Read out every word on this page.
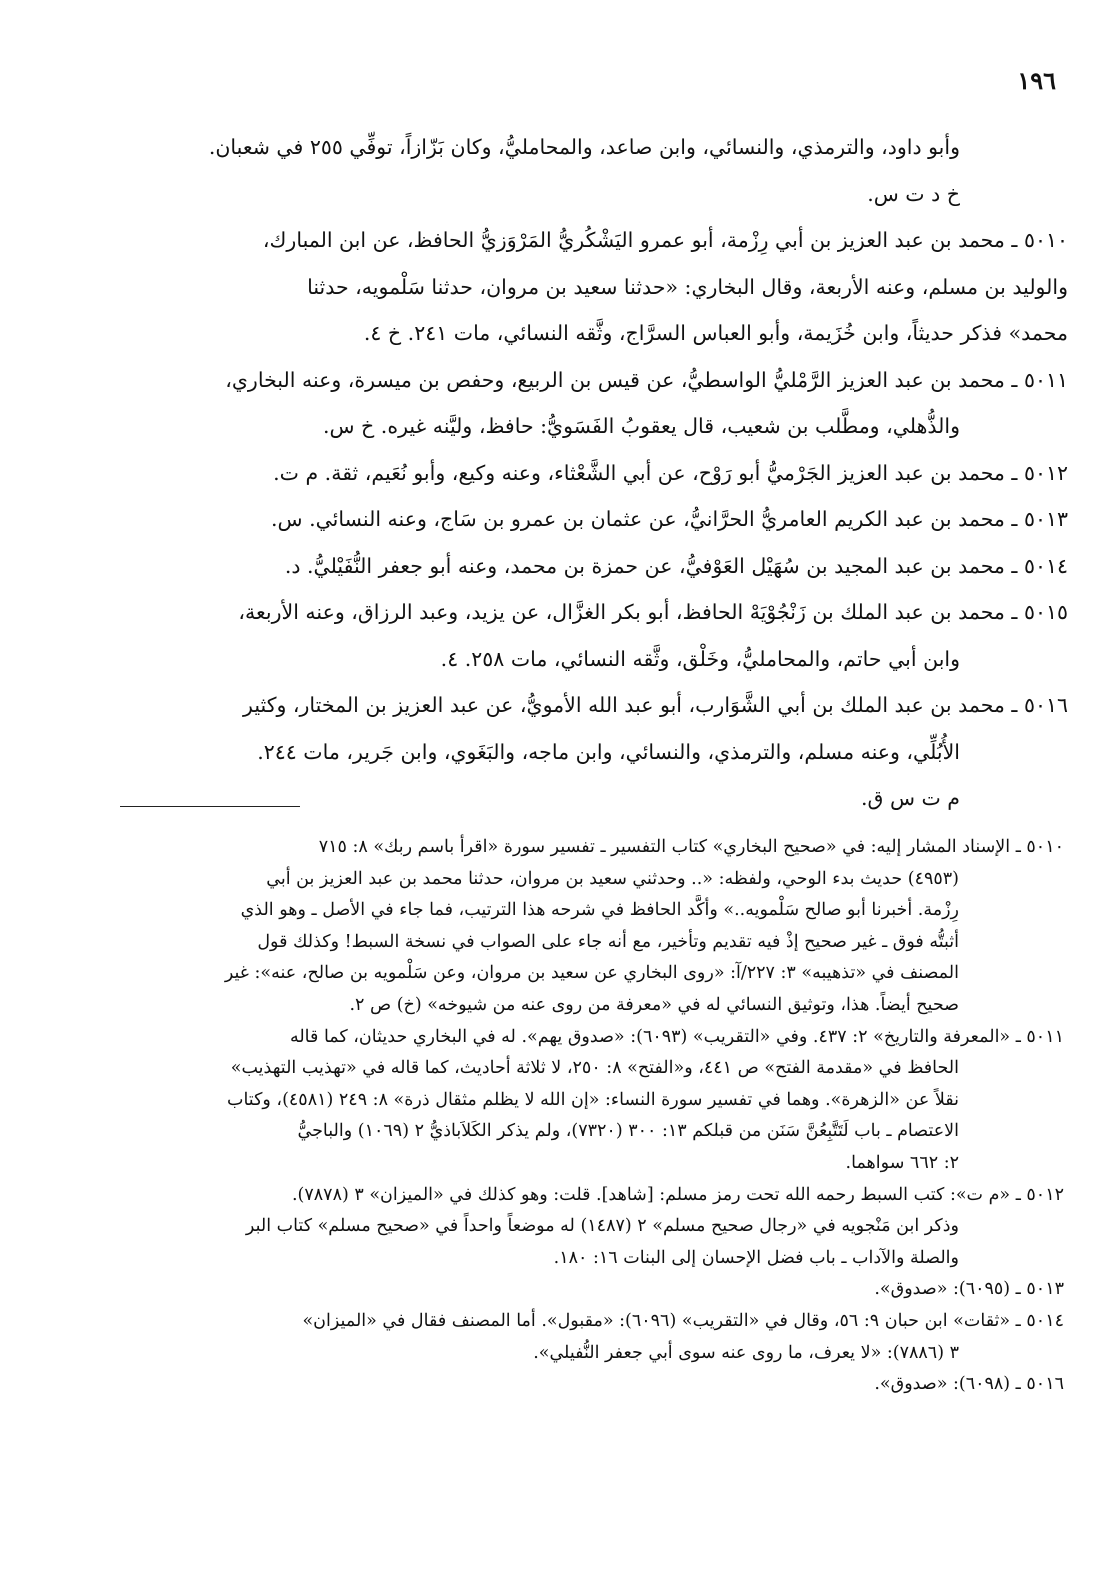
١٩٦
وأبو داود، والترمذي، والنسائي، وابن صاعد، والمحامليُّ، وكان بَزّازاً، توفِّي ٢٥٥ في شعبان.
خ د ت س.
٥٠١٠ ـ محمد بن عبد العزيز بن أبي رِزْمة، أبو عمرو اليَشْكُريُّ المَرْوَزيُّ الحافظ، عن ابن المبارك،
والوليد بن مسلم، وعنه الأربعة، وقال البخاري: «حدثنا سعيد بن مروان، حدثنا سَلْمويه، حدثنا
محمد» فذكر حديثاً، وابن خُزَيمة، وأبو العباس السرَّاج، وثَّقه النسائي، مات ٢٤١. خ ٤.
٥٠١١ ـ محمد بن عبد العزيز الرَّمْليُّ الواسطيُّ، عن قيس بن الربيع، وحفص بن ميسرة، وعنه البخاري،
والذُّهلي، ومطَّلب بن شعيب، قال يعقوبُ الفَسَويُّ: حافظ، وليَّنه غيره. خ س.
٥٠١٢ ـ محمد بن عبد العزيز الجَرْميُّ أبو رَوْح، عن أبي الشَّعْثاء، وعنه وكيع، وأبو نُعَيم، ثقة. م ت.
٥٠١٣ ـ محمد بن عبد الكريم العامريُّ الحرَّانيُّ، عن عثمان بن عمرو بن سَاج، وعنه النسائي. س.
٥٠١٤ ـ محمد بن عبد المجيد بن سُهَيْل العَوْفيُّ، عن حمزة بن محمد، وعنه أبو جعفر النُّفَيْليُّ. د.
٥٠١٥ ـ محمد بن عبد الملك بن زَنْجُوْيَهْ الحافظ، أبو بكر الغزَّال، عن يزيد، وعبد الرزاق، وعنه الأربعة،
وابن أبي حاتم، والمحامليُّ، وخَلْق، وثَّقه النسائي، مات ٢٥٨. ٤.
٥٠١٦ ـ محمد بن عبد الملك بن أبي الشَّوَارب، أبو عبد الله الأمويُّ، عن عبد العزيز بن المختار، وكثير
الأُبُلِّي، وعنه مسلم، والترمذي، والنسائي، وابن ماجه، والبَغَوي، وابن جَرير، مات ٢٤٤.
م ت س ق.
٥٠١٠ ـ الإسناد المشار إليه: في «صحيح البخاري» كتاب التفسير ـ تفسير سورة «اقرأ باسم ربك» ٨: ٧١٥
(٤٩٥٣) حديث بدء الوحي، ولفظه: «.. وحدثني سعيد بن مروان، حدثنا محمد بن عبد العزيز بن أبي
رِزْمة. أخبرنا أبو صالح سَلْمويه..» وأكَّد الحافظ في شرحه هذا الترتيب، فما جاء في الأصل ـ وهو الذي
أثبتُّه فوق ـ غير صحيح إذْ فيه تقديم وتأخير، مع أنه جاء على الصواب في نسخة السبط! وكذلك قول
المصنف في «تذهيبه» ٣: ٢٢٧/آ: «روى البخاري عن سعيد بن مروان، وعن سَلْمويه بن صالح، عنه»: غير
صحيح أيضاً. هذا، وتوثيق النسائي له في «معرفة من روى عنه من شيوخه» (خ) ص ٢.
٥٠١١ ـ «المعرفة والتاريخ» ٢: ٤٣٧. وفي «التقريب» (٦٠٩٣): «صدوق يهم». له في البخاري حديثان، كما قاله
الحافظ في «مقدمة الفتح» ص ٤٤١، و«الفتح» ٨: ٢٥٠، لا ثلاثة أحاديث، كما قاله في «تهذيب التهذيب»
نقلاً عن «الزهرة». وهما في تفسير سورة النساء: «إن الله لا يظلم مثقال ذرة» ٨: ٢٤٩ (٤٥٨١)، وكتاب
الاعتصام ـ باب لَتَتَّبِعُنَّ سَنَن من قبلكم ١٣: ٣٠٠ (٧٣٢٠)، ولم يذكر الكَلاَباذيُّ ٢ (١٠٦٩) والباجيُّ
٢: ٦٦٢ سواهما.
٥٠١٢ ـ «م ت»: كتب السبط رحمه الله تحت رمز مسلم: [شاهد]. قلت: وهو كذلك في «الميزان» ٣ (٧٨٧٨).
وذكر ابن مَنْجويه في «رجال صحيح مسلم» ٢ (١٤٨٧) له موضعاً واحداً في «صحيح مسلم» كتاب البر
والصلة والآداب ـ باب فضل الإحسان إلى البنات ١٦: ١٨٠.
٥٠١٣ ـ (٦٠٩٥): «صدوق».
٥٠١٤ ـ «ثقات» ابن حبان ٩: ٥٦، وقال في «التقريب» (٦٠٩٦): «مقبول». أما المصنف فقال في «الميزان»
٣ (٧٨٨٦): «لا يعرف، ما روى عنه سوى أبي جعفر النُّفيلي».
٥٠١٦ ـ (٦٠٩٨): «صدوق».
